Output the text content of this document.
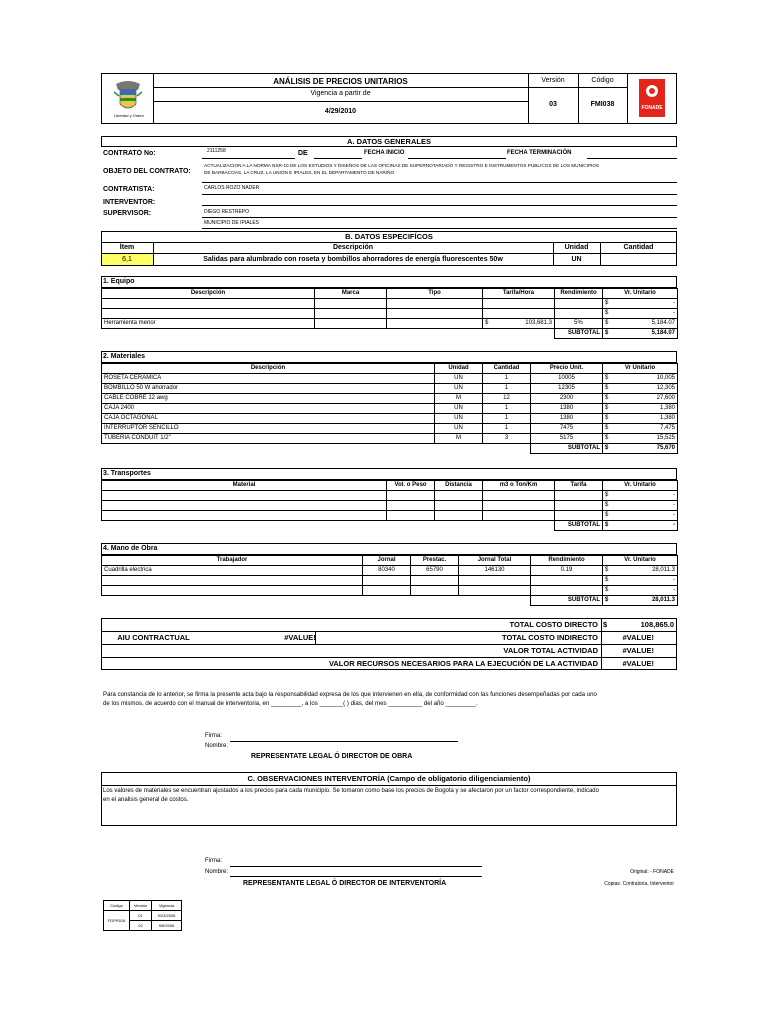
Libertad y Orden
ANÁLISIS DE PRECIOS UNITARIOS
Vigencia a partir de
4/29/2010
Versión
03
Código
FMI038	FONADE
A. DATOS GENERALES
CONTRATO No:	2111258	DE	FECHA INICIO	FECHA TERMINACIÓN
OBJETO DEL CONTRATO:
ACTUALIZACION A LA NORMA NSR-10 DE LOS ESTUDIOS Y DISEÑOS DE LAS OFICINAS DE SUPERNOTARIADO Y REGISTRO E INSTRUMENTOS PUBLICOS DE LOS MUNICIPIOS
DE BARBACOAS, LA CRUZ, LA UNION E IPIALES, EN EL DEPARTAMENTO DE NARIÑO
CONTRATISTA:	CARLOS ROZO NADER
INTERVENTOR:
SUPERVISOR:	DIEGO RESTREPO
MUNICIPIO DE IPIALES
B. DATOS ESPECIFÍCOS
Ítem	Descripción	Unidad	Cantidad
6,1	Salidas para alumbrado con roseta y bombillos ahorradores de energía fluorescentes 50w	UN
1. Equipo
Descripción	Marca	Tipo	Tarifa/Hora	Rendimiento	Vr. Unitario

					$ -

					$ -
Herramienta menor			$ 103,681.3	5%	$ 5,184.07
				SUBTOTAL	$ 5,184.07
2. Materiales
Descripción	Unidad	Cantidad	Precio Unit.	Vr Unitario
ROSETA CERAMICA	UN	1	10005	$ 10,005
BOMBILLO 50 W ahorrador	UN	1	12305	$ 12,305
CABLE COBRE 12 awg	M	12	2300	$ 27,600
CAJA 2400	UN	1	1380	$ 1,380
CAJA OCTAGONAL	UN	1	1380	$ 1,380
INTERRUPTOR SENCILLO	UN	1	7475	$ 7,475
TUBERIA CONDUIT 1/2"	M	3	5175	$ 15,525
			SUBTOTAL	$ 75,670
3. Transportes
Material	Vol. o Peso	Distancia	m3 o Ton/Km	Tarifa	Vr. Unitario

					$ -

					$ -

					$ -
				SUBTOTAL	$ -
4. Mano de Obra
Trabajador	Jornal	Prestac.	Jornal Total	Rendimiento	Vr. Unitario
Cuadrilla electrica	80340	65790	146130	0.19	$ 28,011.3

					$ -

					$ -
				SUBTOTAL	$ 28,011.3
TOTAL COSTO DIRECTO $	108,865.0
AIU CONTRACTUAL	#VALUE!	TOTAL COSTO INDIRECTO	#VALUE!
VALOR TOTAL ACTIVIDAD	#VALUE!
VALOR RECURSOS NECESARIOS PARA LA EJECUCIÓN DE LA ACTIVIDAD	#VALUE!
Para constancia de lo anterior, se firma la presente acta bajo la responsabilidad expresa de los que intervienen en ella, de conformidad con las funciones desempeñadas por cada uno
de los mismos, de acuerdo con el manual de interventoria, en _________, a los _______( ) dias, del mes __________ del año _________.
Firma:
Nombre:
REPRESENTATE LEGAL Ó DIRECTOR DE OBRA
C. OBSERVACIONES INTERVENTORÍA (Campo de obligatorio diligenciamiento)
Los valores de materiales se encuentran ajustados a los precios para cada municipio. Se tomaron como base los precios de Bogota y se afectaron por un factor correspondiente, indicado
en el analisis general de costos.
Firma:
Nombre:
REPRESENTANTE LEGAL Ó DIRECTOR DE INTERVENTORÍA
Original: - FONADE
Copias: Contraloría, Interventor
Código	Versión	Vigencia
FGPR016	01	9/23/2005
	02	5/6/2006
